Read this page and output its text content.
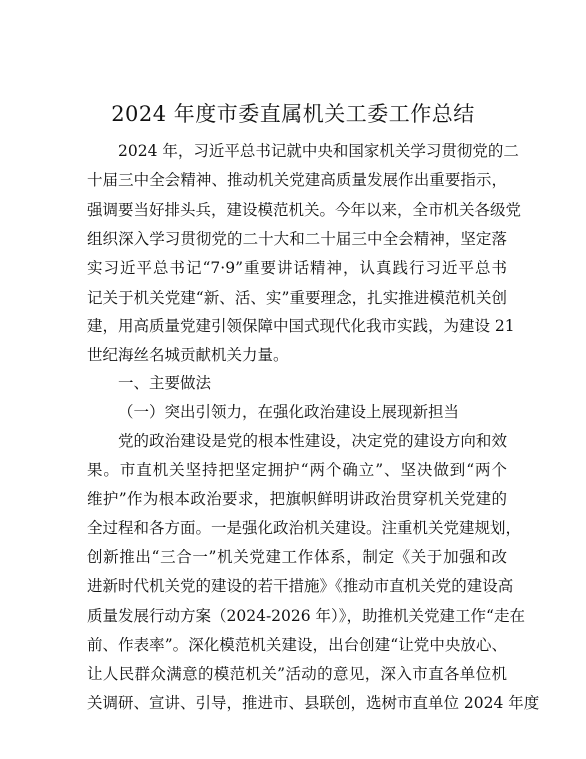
2024 年度市委直属机关工委工作总结
2024 年，习近平总书记就中央和国家机关学习贯彻党的二
十届三中全会精神、推动机关党建高质量发展作出重要指示，
强调要当好排头兵，建设模范机关。今年以来，全市机关各级党
组织深入学习贯彻党的二十大和二十届三中全会精神，坚定落
实习近平总书记“7·9”重要讲话精神，认真践行习近平总书
记关于机关党建“新、活、实”重要理念，扎实推进模范机关创
建，用高质量党建引领保障中国式现代化我市实践，为建设 21
世纪海丝名城贡献机关力量。
一、主要做法
（一）突出引领力，在强化政治建设上展现新担当
党的政治建设是党的根本性建设，决定党的建设方向和效
果。市直机关坚持把坚定拥护“两个确立”、坚决做到“两个
维护”作为根本政治要求，把旗帜鲜明讲政治贯穿机关党建的
全过程和各方面。一是强化政治机关建设。注重机关党建规划，
创新推出“三合一”机关党建工作体系，制定《关于加强和改
进新时代机关党的建设的若干措施》《推动市直机关党的建设高
质量发展行动方案（2024-2026 年）》，助推机关党建工作“走在
前、作表率”。深化模范机关建设，出台创建“让党中央放心、
让人民群众满意的模范机关”活动的意见，深入市直各单位机
关调研、宣讲、引导，推进市、县联创，选树市直单位 2024 年度
